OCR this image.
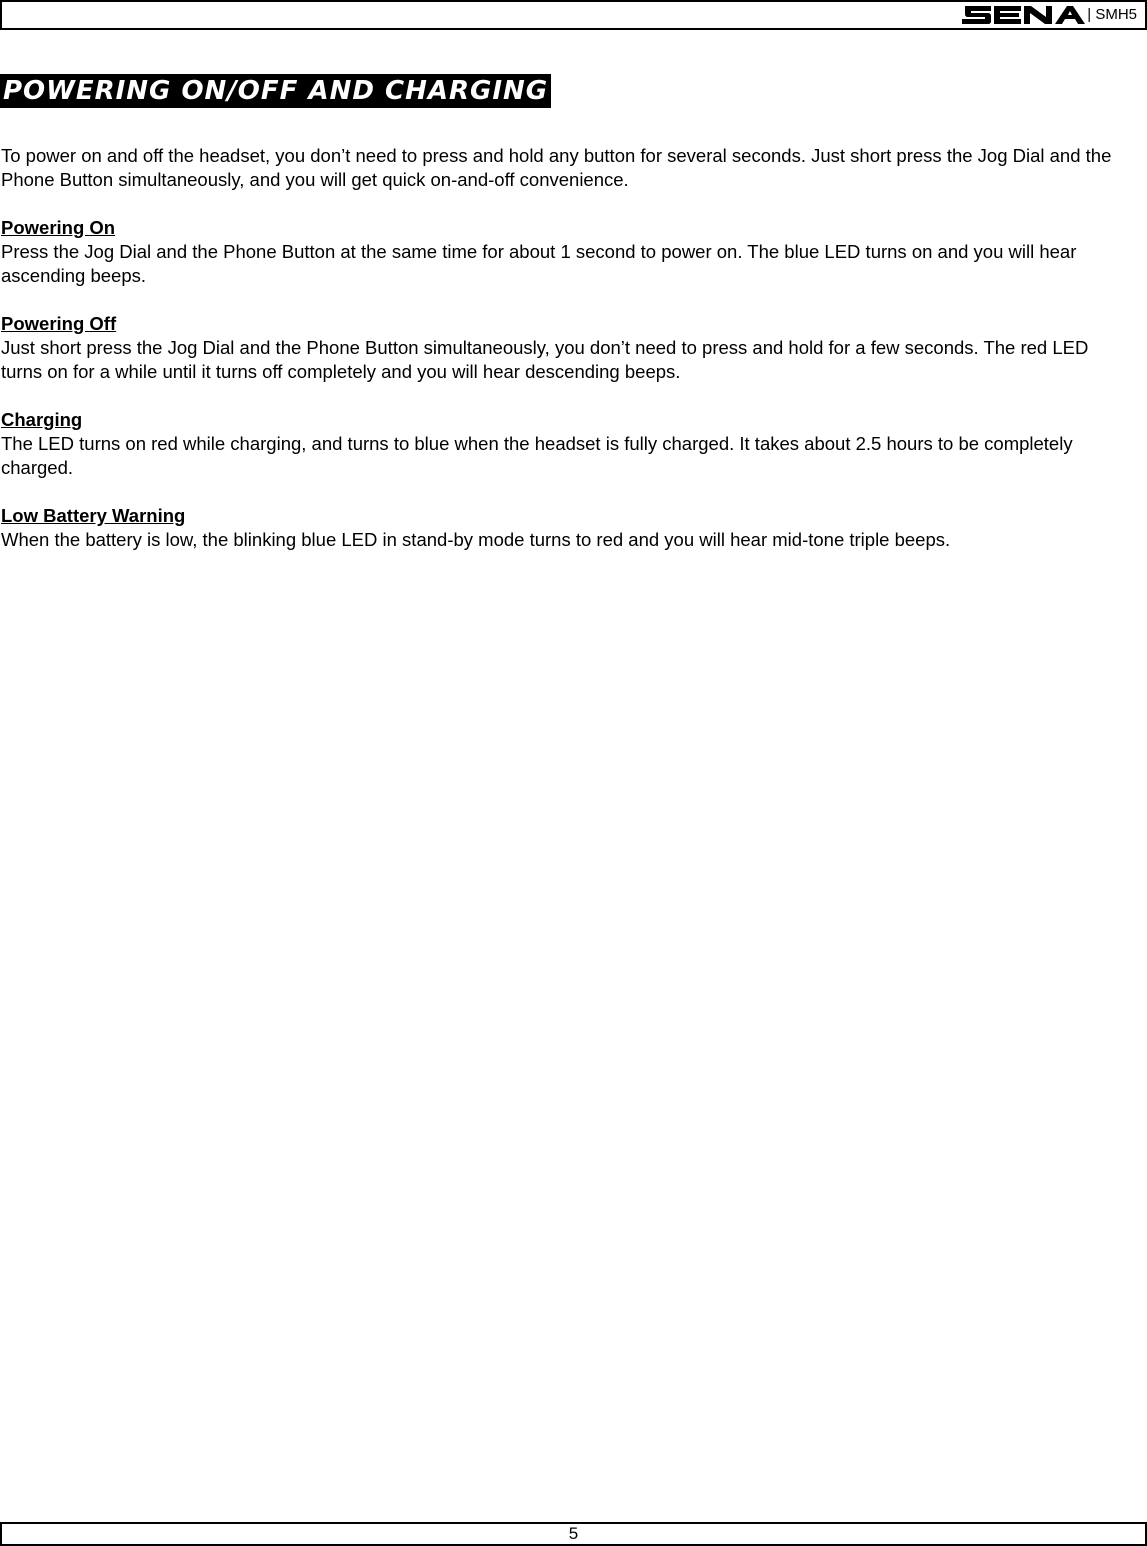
| SMH5
POWERING ON/OFF AND CHARGING

To power on and off the headset, you don’t need to press and hold any button for several seconds. Just short press the Jog Dial and the Phone Button simultaneously, and you will get quick on-and-off convenience.

Powering On

Press the Jog Dial and the Phone Button at the same time for about 1 second to power on. The blue LED turns on and you will hear ascending beeps.

Powering Off

Just short press the Jog Dial and the Phone Button simultaneously, you don’t need to press and hold for a few seconds. The red LED turns on for a while until it turns off completely and you will hear descending beeps.

Charging

The LED turns on red while charging, and turns to blue when the headset is fully charged. It takes about 2.5 hours to be completely charged.

Low Battery Warning

When the battery is low, the blinking blue LED in stand-by mode turns to red and you will hear mid-tone triple beeps.

5
